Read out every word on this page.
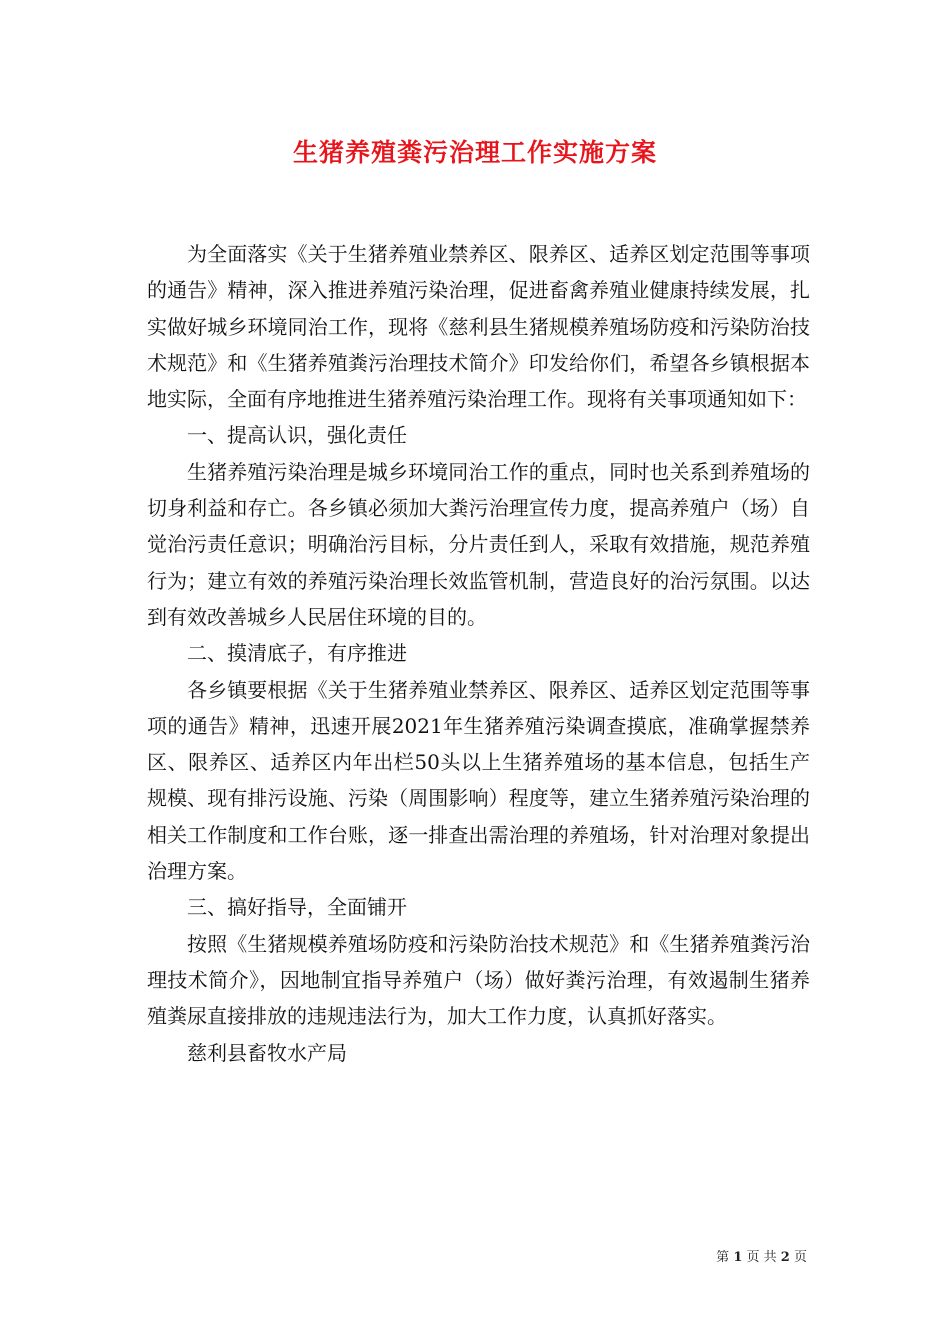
生猪养殖粪污治理工作实施方案

为全面落实《关于生猪养殖业禁养区、限养区、适养区划定范围等事项的通告》精神，深入推进养殖污染治理，促进畜禽养殖业健康持续发展，扎实做好城乡环境同治工作，现将《慈利县生猪规模养殖场防疫和污染防治技术规范》和《生猪养殖粪污治理技术简介》印发给你们，希望各乡镇根据本地实际，全面有序地推进生猪养殖污染治理工作。现将有关事项通知如下：

一、提高认识，强化责任

生猪养殖污染治理是城乡环境同治工作的重点，同时也关系到养殖场的切身利益和存亡。各乡镇必须加大粪污治理宣传力度，提高养殖户（场）自觉治污责任意识；明确治污目标，分片责任到人，采取有效措施，规范养殖行为；建立有效的养殖污染治理长效监管机制，营造良好的治污氛围。以达到有效改善城乡人民居住环境的目的。

二、摸清底子，有序推进

各乡镇要根据《关于生猪养殖业禁养区、限养区、适养区划定范围等事项的通告》精神，迅速开展2021年生猪养殖污染调查摸底，准确掌握禁养区、限养区、适养区内年出栏50头以上生猪养殖场的基本信息，包括生产规模、现有排污设施、污染（周围影响）程度等，建立生猪养殖污染治理的相关工作制度和工作台账，逐一排查出需治理的养殖场，针对治理对象提出治理方案。

三、搞好指导，全面铺开

按照《生猪规模养殖场防疫和污染防治技术规范》和《生猪养殖粪污治理技术简介》，因地制宜指导养殖户（场）做好粪污治理，有效遏制生猪养殖粪尿直接排放的违规违法行为，加大工作力度，认真抓好落实。

慈利县畜牧水产局

第 1 页 共 2 页
